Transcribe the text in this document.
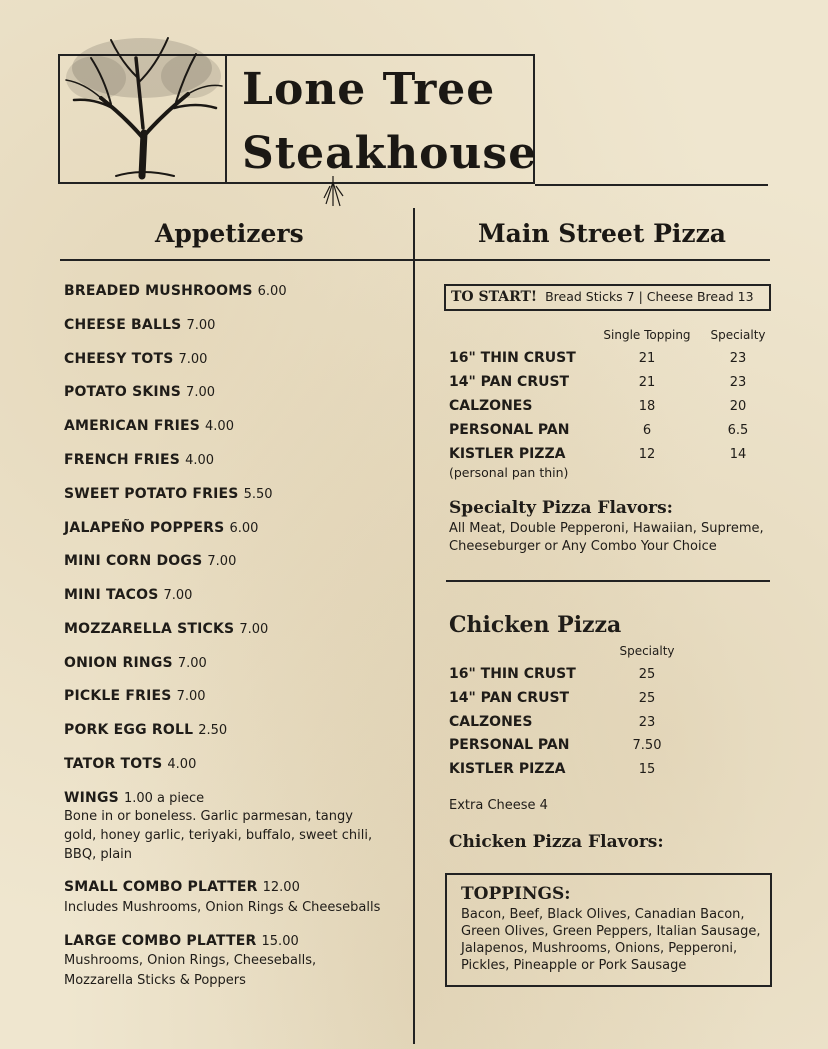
Lone Tree
Steakhouse
Appetizers	Main Street Pizza
BREADED MUSHROOMS 6.00
CHEESE BALLS 7.00
CHEESY TOTS 7.00
POTATO SKINS 7.00
AMERICAN FRIES 4.00
FRENCH FRIES 4.00
SWEET POTATO FRIES 5.50
JALAPEÑO POPPERS 6.00
MINI CORN DOGS 7.00
MINI TACOS 7.00
MOZZARELLA STICKS 7.00
ONION RINGS 7.00
PICKLE FRIES 7.00
PORK EGG ROLL 2.50
TATOR TOTS 4.00
WINGS 1.00 a piece
Bone in or boneless. Garlic parmesan, tangy
gold, honey garlic, teriyaki, buffalo, sweet chili,
BBQ, plain
SMALL COMBO PLATTER 12.00
Includes Mushrooms, Onion Rings & Cheeseballs
LARGE COMBO PLATTER 15.00
Mushrooms, Onion Rings, Cheeseballs,
Mozzarella Sticks & Poppers
TO START! Bread Sticks 7 | Cheese Bread 13
Single Topping	Specialty
16" THIN CRUST	21	23
14" PAN CRUST	21	23
CALZONES	18	20
PERSONAL PAN	6	6.5
KISTLER PIZZA	12	14
(personal pan thin)
Specialty Pizza Flavors:
All Meat, Double Pepperoni, Hawaiian, Supreme,
Cheeseburger or Any Combo Your Choice
Chicken Pizza
Specialty
16" THIN CRUST	25
14" PAN CRUST	25
CALZONES	23
PERSONAL PAN	7.50
KISTLER PIZZA	15
Extra Cheese 4
Chicken Pizza Flavors:
TOPPINGS:
Bacon, Beef, Black Olives, Canadian Bacon,
Green Olives, Green Peppers, Italian Sausage,
Jalapenos, Mushrooms, Onions, Pepperoni,
Pickles, Pineapple or Pork Sausage
